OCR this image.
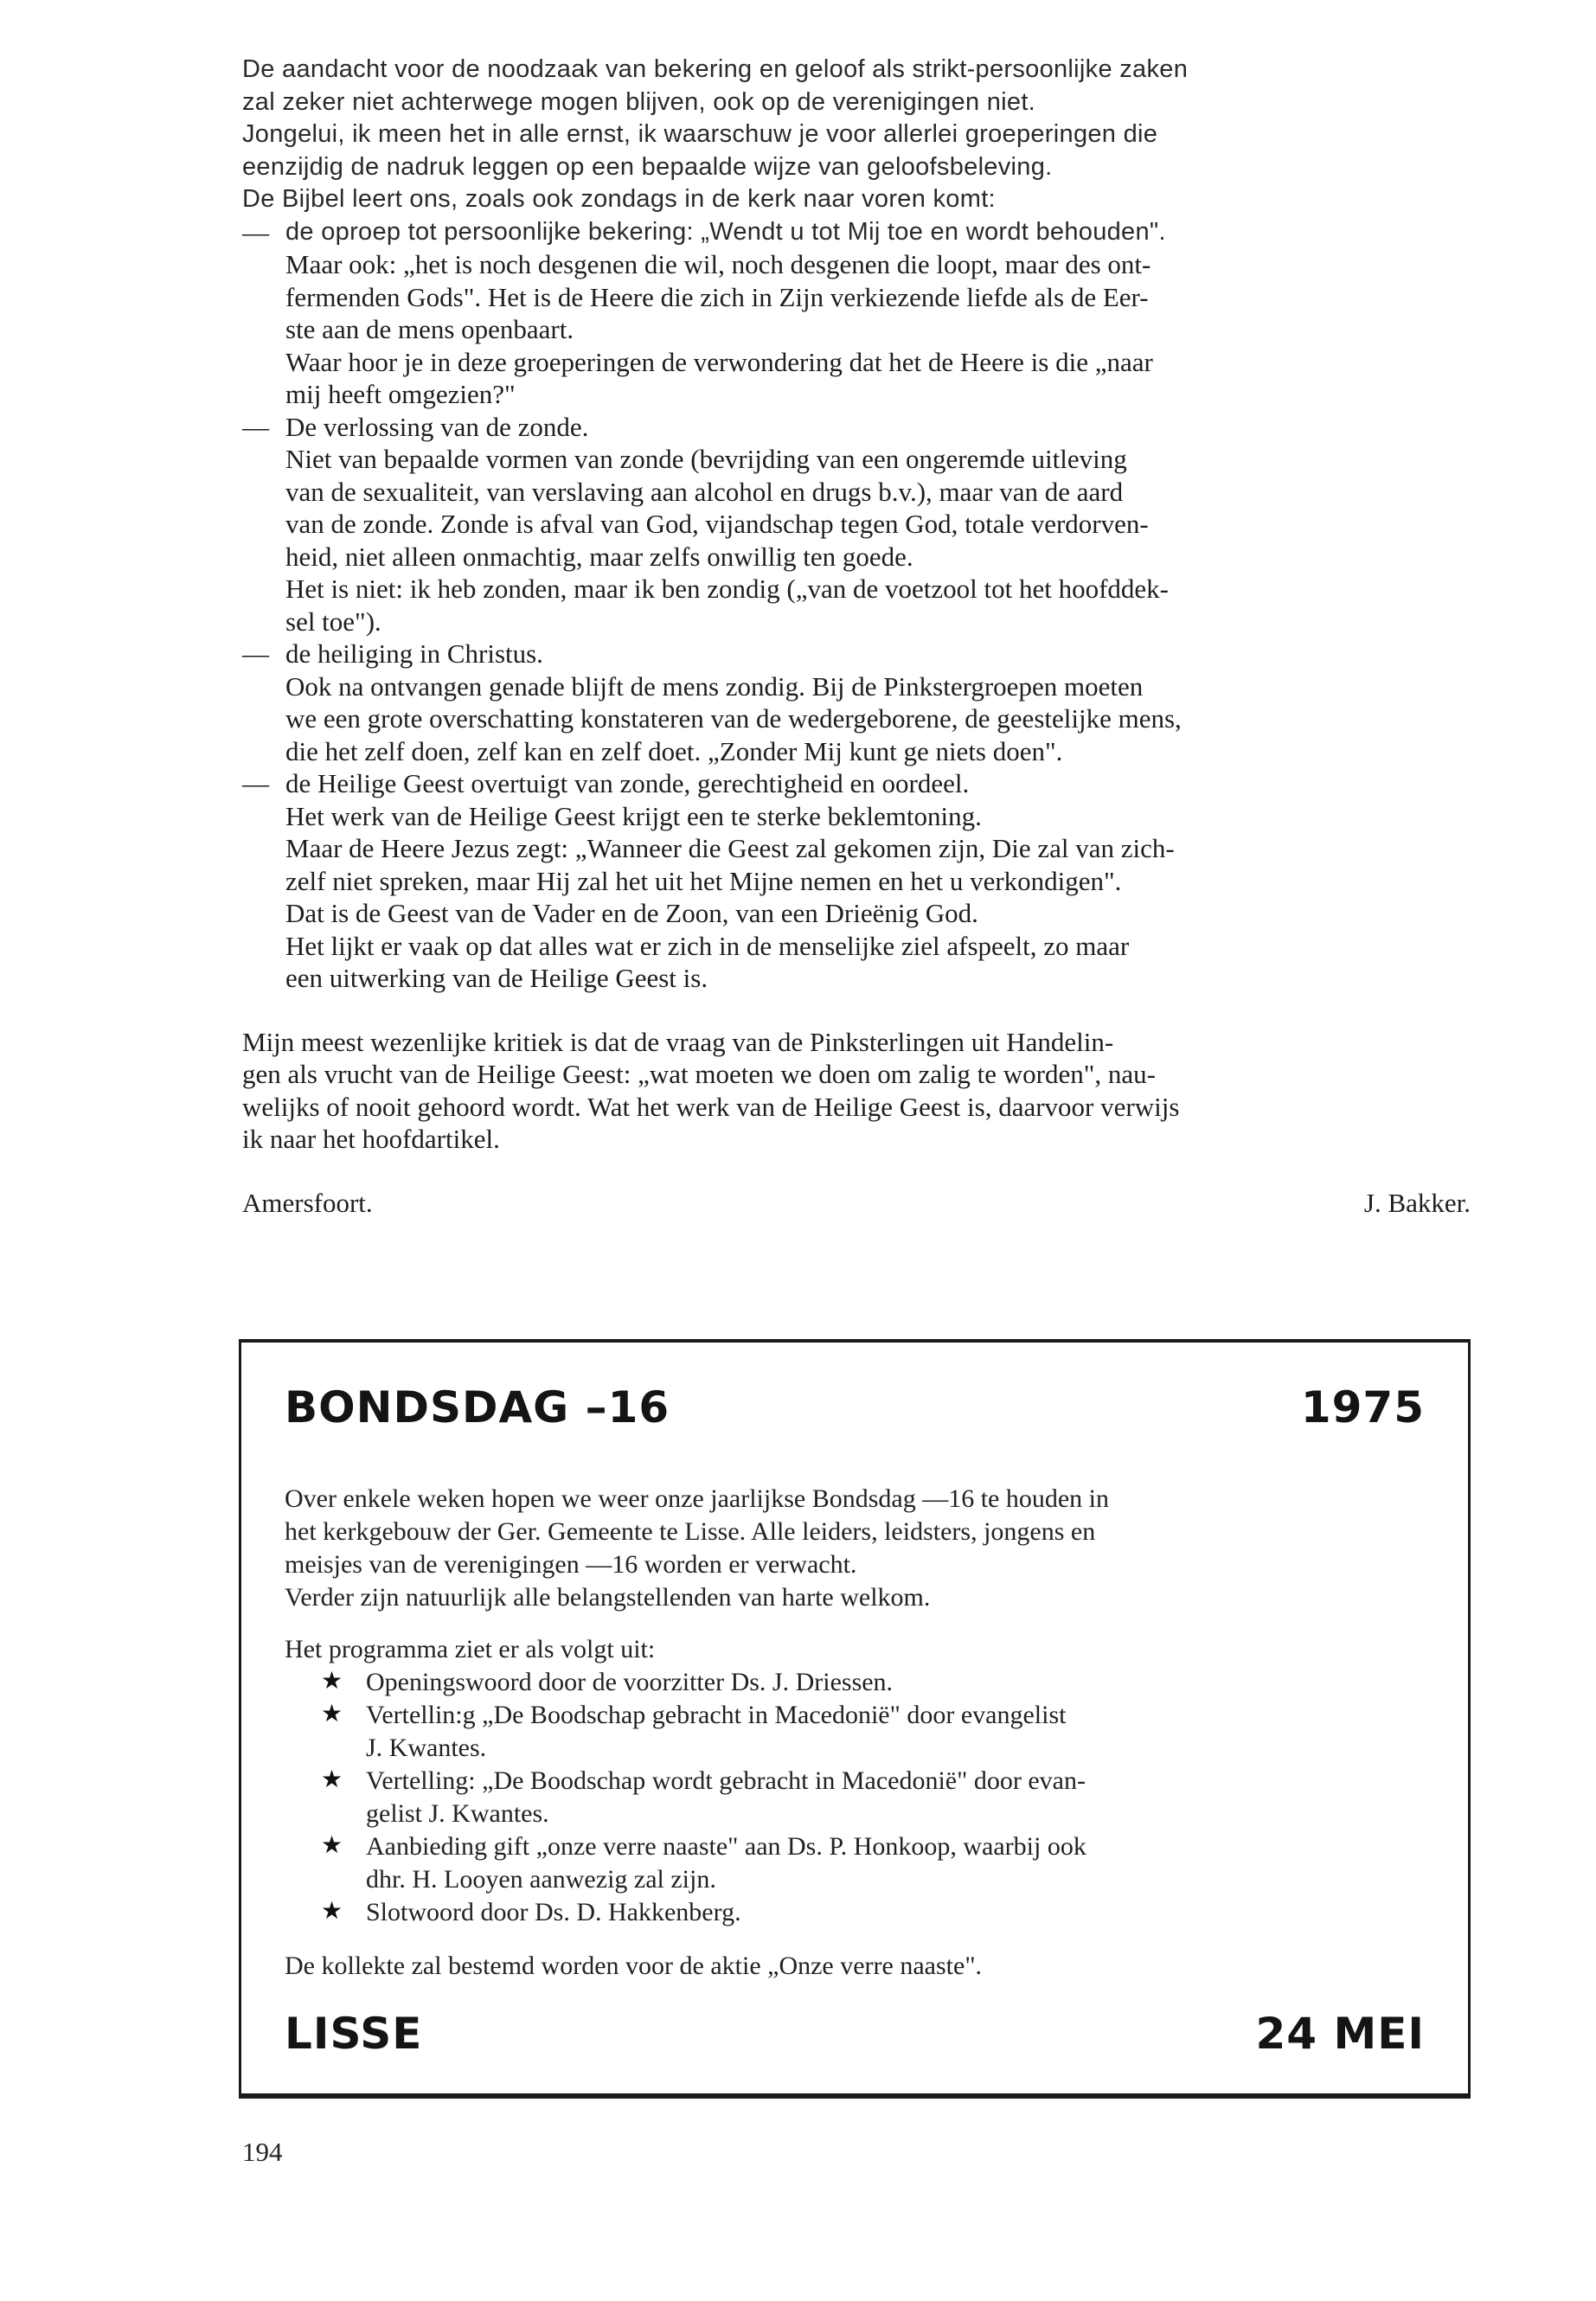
De aandacht voor de noodzaak van bekering en geloof als strikt-persoonlijke zaken

zal zeker niet achterwege mogen blijven, ook op de verenigingen niet.

Jongelui, ik meen het in alle ernst, ik waarschuw je voor allerlei groeperingen die

eenzijdig de nadruk leggen op een bepaalde wijze van geloofsbeleving.

De Bijbel leert ons, zoals ook zondags in de kerk naar voren komt:

— de oproep tot persoonlijke bekering: „Wendt u tot Mij toe en wordt behouden".

Maar ook: „het is noch desgenen die wil, noch desgenen die loopt, maar des ont-

fermenden Gods". Het is de Heere die zich in Zijn verkiezende liefde als de Eer-

ste aan de mens openbaart.

Waar hoor je in deze groeperingen de verwondering dat het de Heere is die „naar

mij heeft omgezien?"

— De verlossing van de zonde.

Niet van bepaalde vormen van zonde (bevrijding van een ongeremde uitleving

van de sexualiteit, van verslaving aan alcohol en drugs b.v.), maar van de aard

van de zonde. Zonde is afval van God, vijandschap tegen God, totale verdorven-

heid, niet alleen onmachtig, maar zelfs onwillig ten goede.

Het is niet: ik heb zonden, maar ik ben zondig („van de voetzool tot het hoofddek-

sel toe").

— de heiliging in Christus.

Ook na ontvangen genade blijft de mens zondig. Bij de Pinkstergroepen moeten

we een grote overschatting konstateren van de wedergeborene, de geestelijke mens,

die het zelf doen, zelf kan en zelf doet. „Zonder Mij kunt ge niets doen".

— de Heilige Geest overtuigt van zonde, gerechtigheid en oordeel.

Het werk van de Heilige Geest krijgt een te sterke beklemtoning.

Maar de Heere Jezus zegt: „Wanneer die Geest zal gekomen zijn, Die zal van zich-

zelf niet spreken, maar Hij zal het uit het Mijne nemen en het u verkondigen".

Dat is de Geest van de Vader en de Zoon, van een Drieënig God.

Het lijkt er vaak op dat alles wat er zich in de menselijke ziel afspeelt, zo maar

een uitwerking van de Heilige Geest is.

Mijn meest wezenlijke kritiek is dat de vraag van de Pinksterlingen uit Handelin-

gen als vrucht van de Heilige Geest: „wat moeten we doen om zalig te worden", nau-

welijks of nooit gehoord wordt. Wat het werk van de Heilige Geest is, daarvoor verwijs

ik naar het hoofdartikel.

Amersfoort.	J. Bakker.
BONDSDAG –16	1975

Over enkele weken hopen we weer onze jaarlijkse Bondsdag —16 te houden in

het kerkgebouw der Ger. Gemeente te Lisse. Alle leiders, leidsters, jongens en

meisjes van de verenigingen —16 worden er verwacht.

Verder zijn natuurlijk alle belangstellenden van harte welkom.

Het programma ziet er als volgt uit:

★ Openingswoord door de voorzitter Ds. J. Driessen.

★ Vertellin:g „De Boodschap gebracht in Macedonië" door evangelist

J. Kwantes.

★ Vertelling: „De Boodschap wordt gebracht in Macedonië" door evan-

gelist J. Kwantes.

★ Aanbieding gift „onze verre naaste" aan Ds. P. Honkoop, waarbij ook

dhr. H. Looyen aanwezig zal zijn.

★ Slotwoord door Ds. D. Hakkenberg.

De kollekte zal bestemd worden voor de aktie „Onze verre naaste".

LISSE	24 MEI
194
